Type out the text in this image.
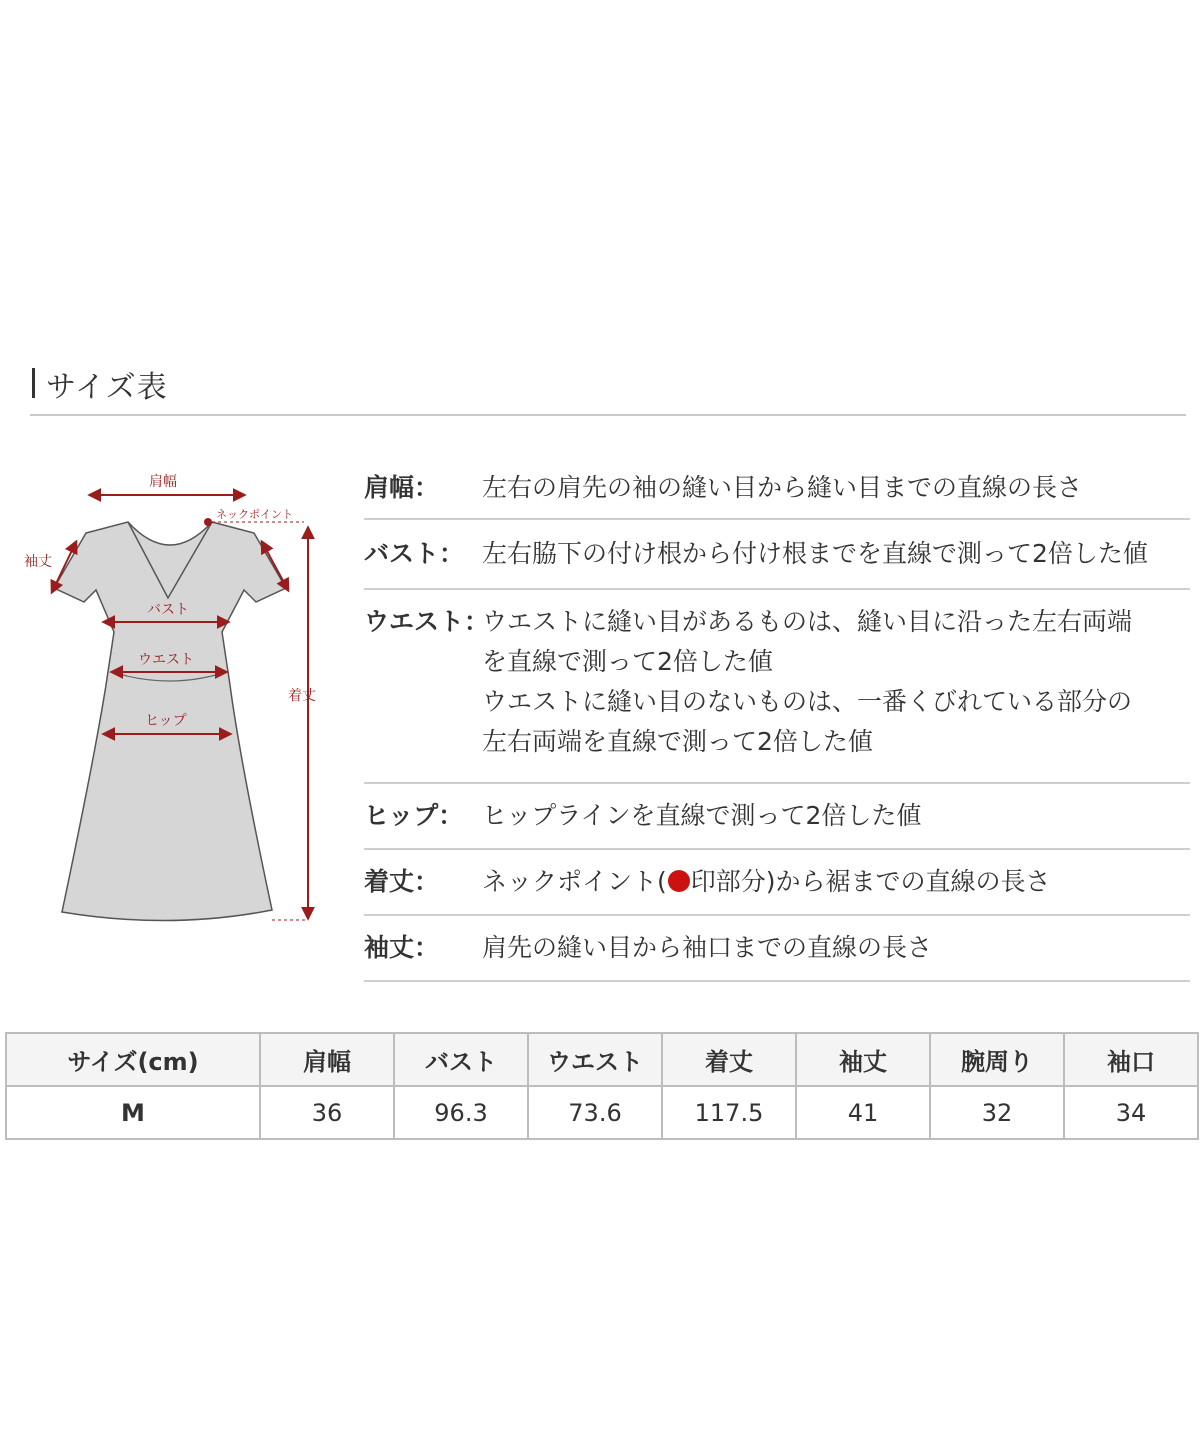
サイズ表
肩幅
ネックポイント
着丈
袖丈
バスト
ウエスト
ヒップ
肩幅：	左右の肩先の袖の縫い目から縫い目までの直線の長さ
バスト： 左右脇下の付け根から付け根までを直線で測って2倍した値
ウエスト：
ウエストに縫い目があるものは、縫い目に沿った左右両端
を直線で測って2倍した値
ウエストに縫い目のないものは、一番くびれている部分の
左右両端を直線で測って2倍した値
ヒップ： ヒップラインを直線で測って2倍した値
着丈：	ネックポイント( 印部分)から裾までの直線の長さ
袖丈：	肩先の縫い目から袖口までの直線の長さ
サイズ(cm)	肩幅	バスト	ウエスト	着丈	袖丈	腕周り	袖口
M	36	96.3	73.6	117.5	41	32	34
